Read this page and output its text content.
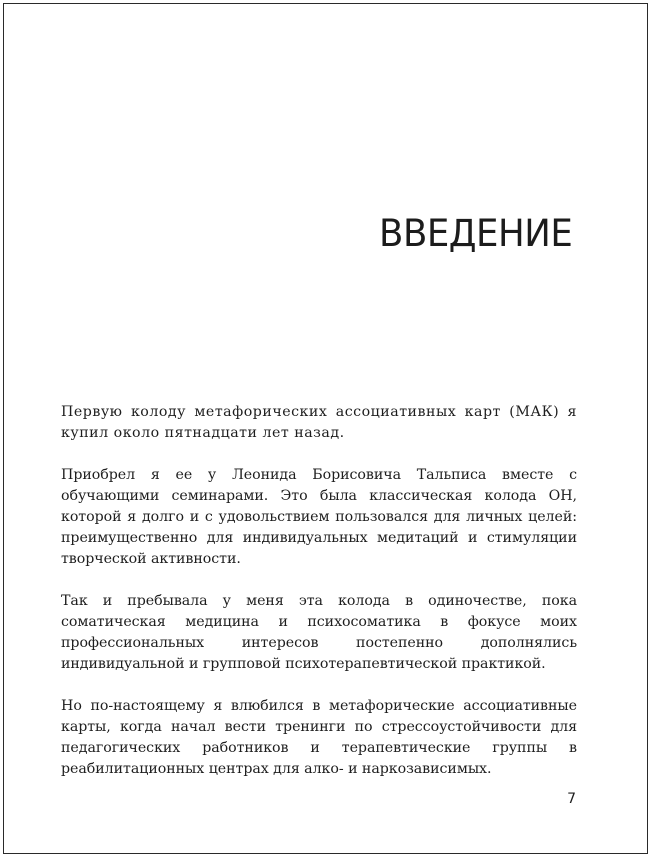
ВВЕДЕНИЕ

Первую колоду метафорических ассоциативных карт (МАК) я купил около пятнадцати лет назад.

Приобрел я ее у Леонида Борисовича Тальписа вместе с обучающими семинарами. Это была классическая колода ОН, которой я долго и с удовольствием пользовался для личных целей: преимущественно для индивидуальных медитаций и стимуляции творческой активности.

Так и пребывала у меня эта колода в одиночестве, пока соматическая медицина и психосоматика в фокусе моих профессиональных интересов постепенно дополнялись индивидуальной и групповой психотерапевтической практикой.

Но по-настоящему я влюбился в метафорические ассоциативные карты, когда начал вести тренинги по стрессоустойчивости для педагогических работников и терапевтические группы в реабилитационных центрах для алко- и наркозависимых.

7
